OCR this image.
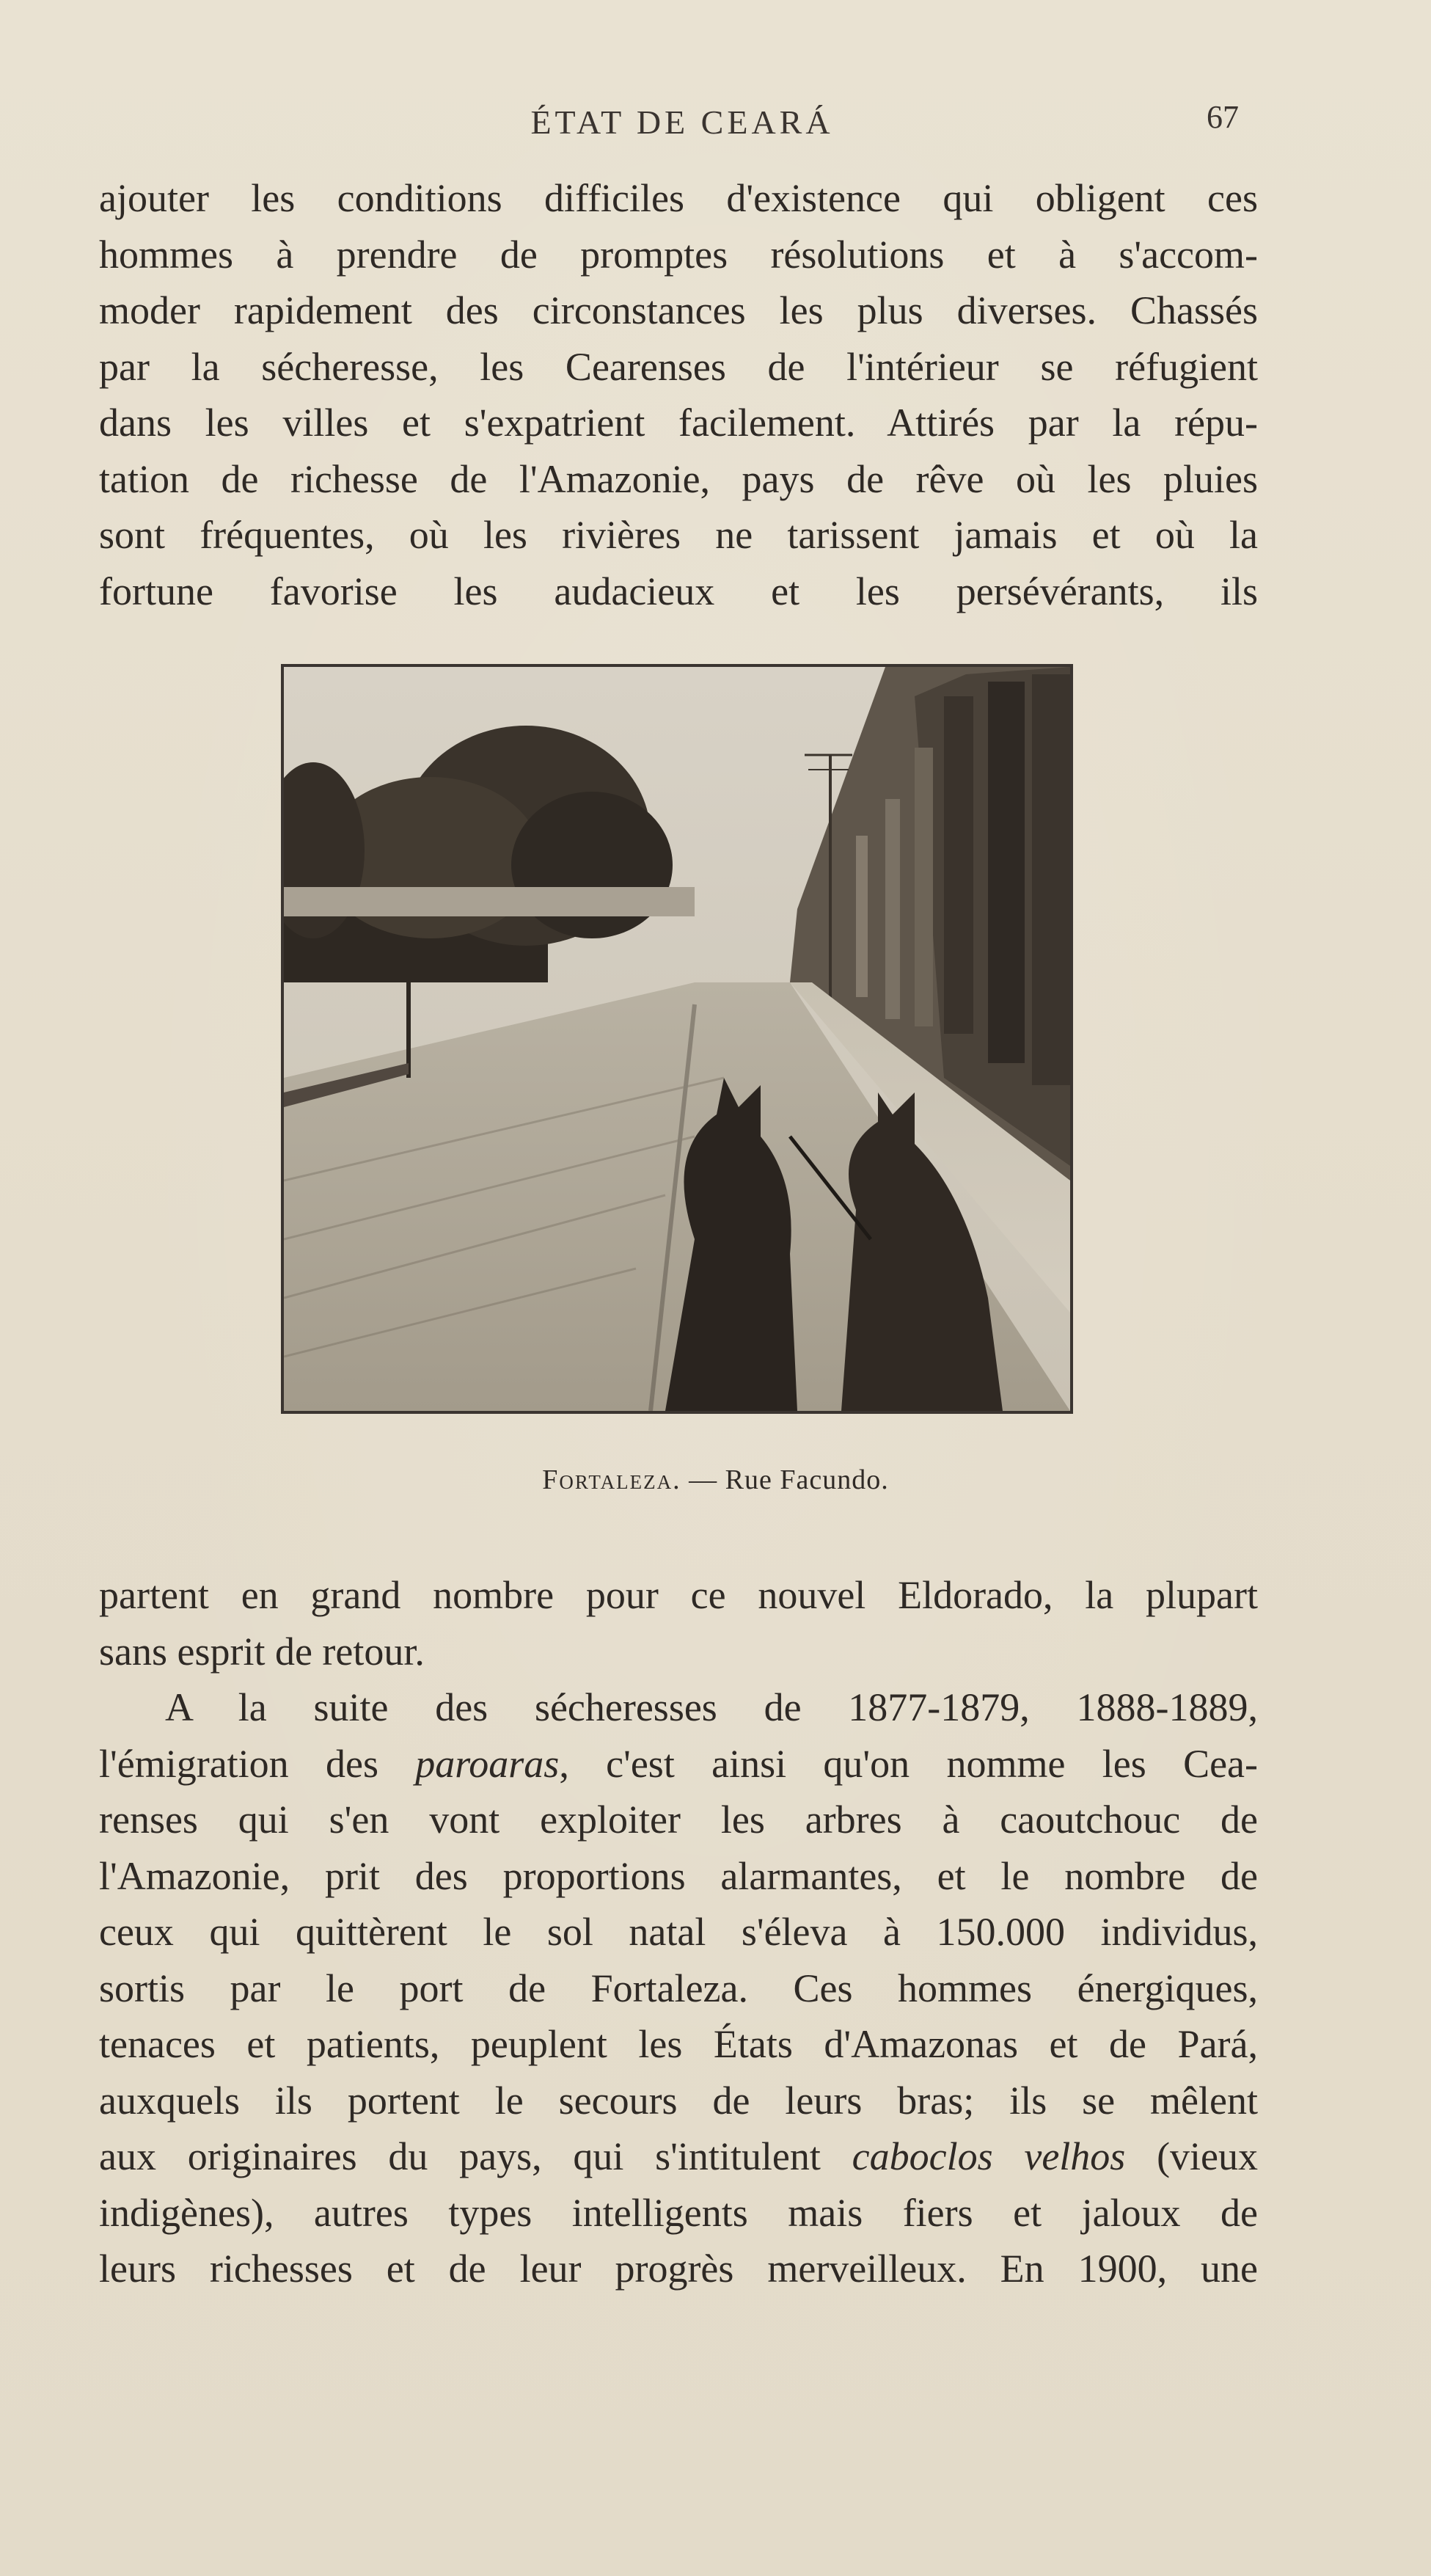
ÉTAT DE CEARÁ	67
ajouter les conditions difficiles d'existence qui obligent ces
hommes à prendre de promptes résolutions et à s'accom-
moder rapidement des circonstances les plus diverses. Chassés
par la sécheresse, les Cearenses de l'intérieur se réfugient
dans les villes et s'expatrient facilement. Attirés par la répu-
tation de richesse de l'Amazonie, pays de rêve où les pluies
sont fréquentes, où les rivières ne tarissent jamais et où la
fortune favorise les audacieux et les persévérants, ils
Fortaleza. — Rue Facundo.
partent en grand nombre pour ce nouvel Eldorado, la plupart
sans esprit de retour.
A la suite des sécheresses de 1877-1879, 1888-1889,
l'émigration des paroaras, c'est ainsi qu'on nomme les Cea-
renses qui s'en vont exploiter les arbres à caoutchouc de
l'Amazonie, prit des proportions alarmantes, et le nombre de
ceux qui quittèrent le sol natal s'éleva à 150.000 individus,
sortis par le port de Fortaleza. Ces hommes énergiques,
tenaces et patients, peuplent les États d'Amazonas et de Pará,
auxquels ils portent le secours de leurs bras; ils se mêlent
aux originaires du pays, qui s'intitulent caboclos velhos (vieux
indigènes), autres types intelligents mais fiers et jaloux de
leurs richesses et de leur progrès merveilleux. En 1900, une
